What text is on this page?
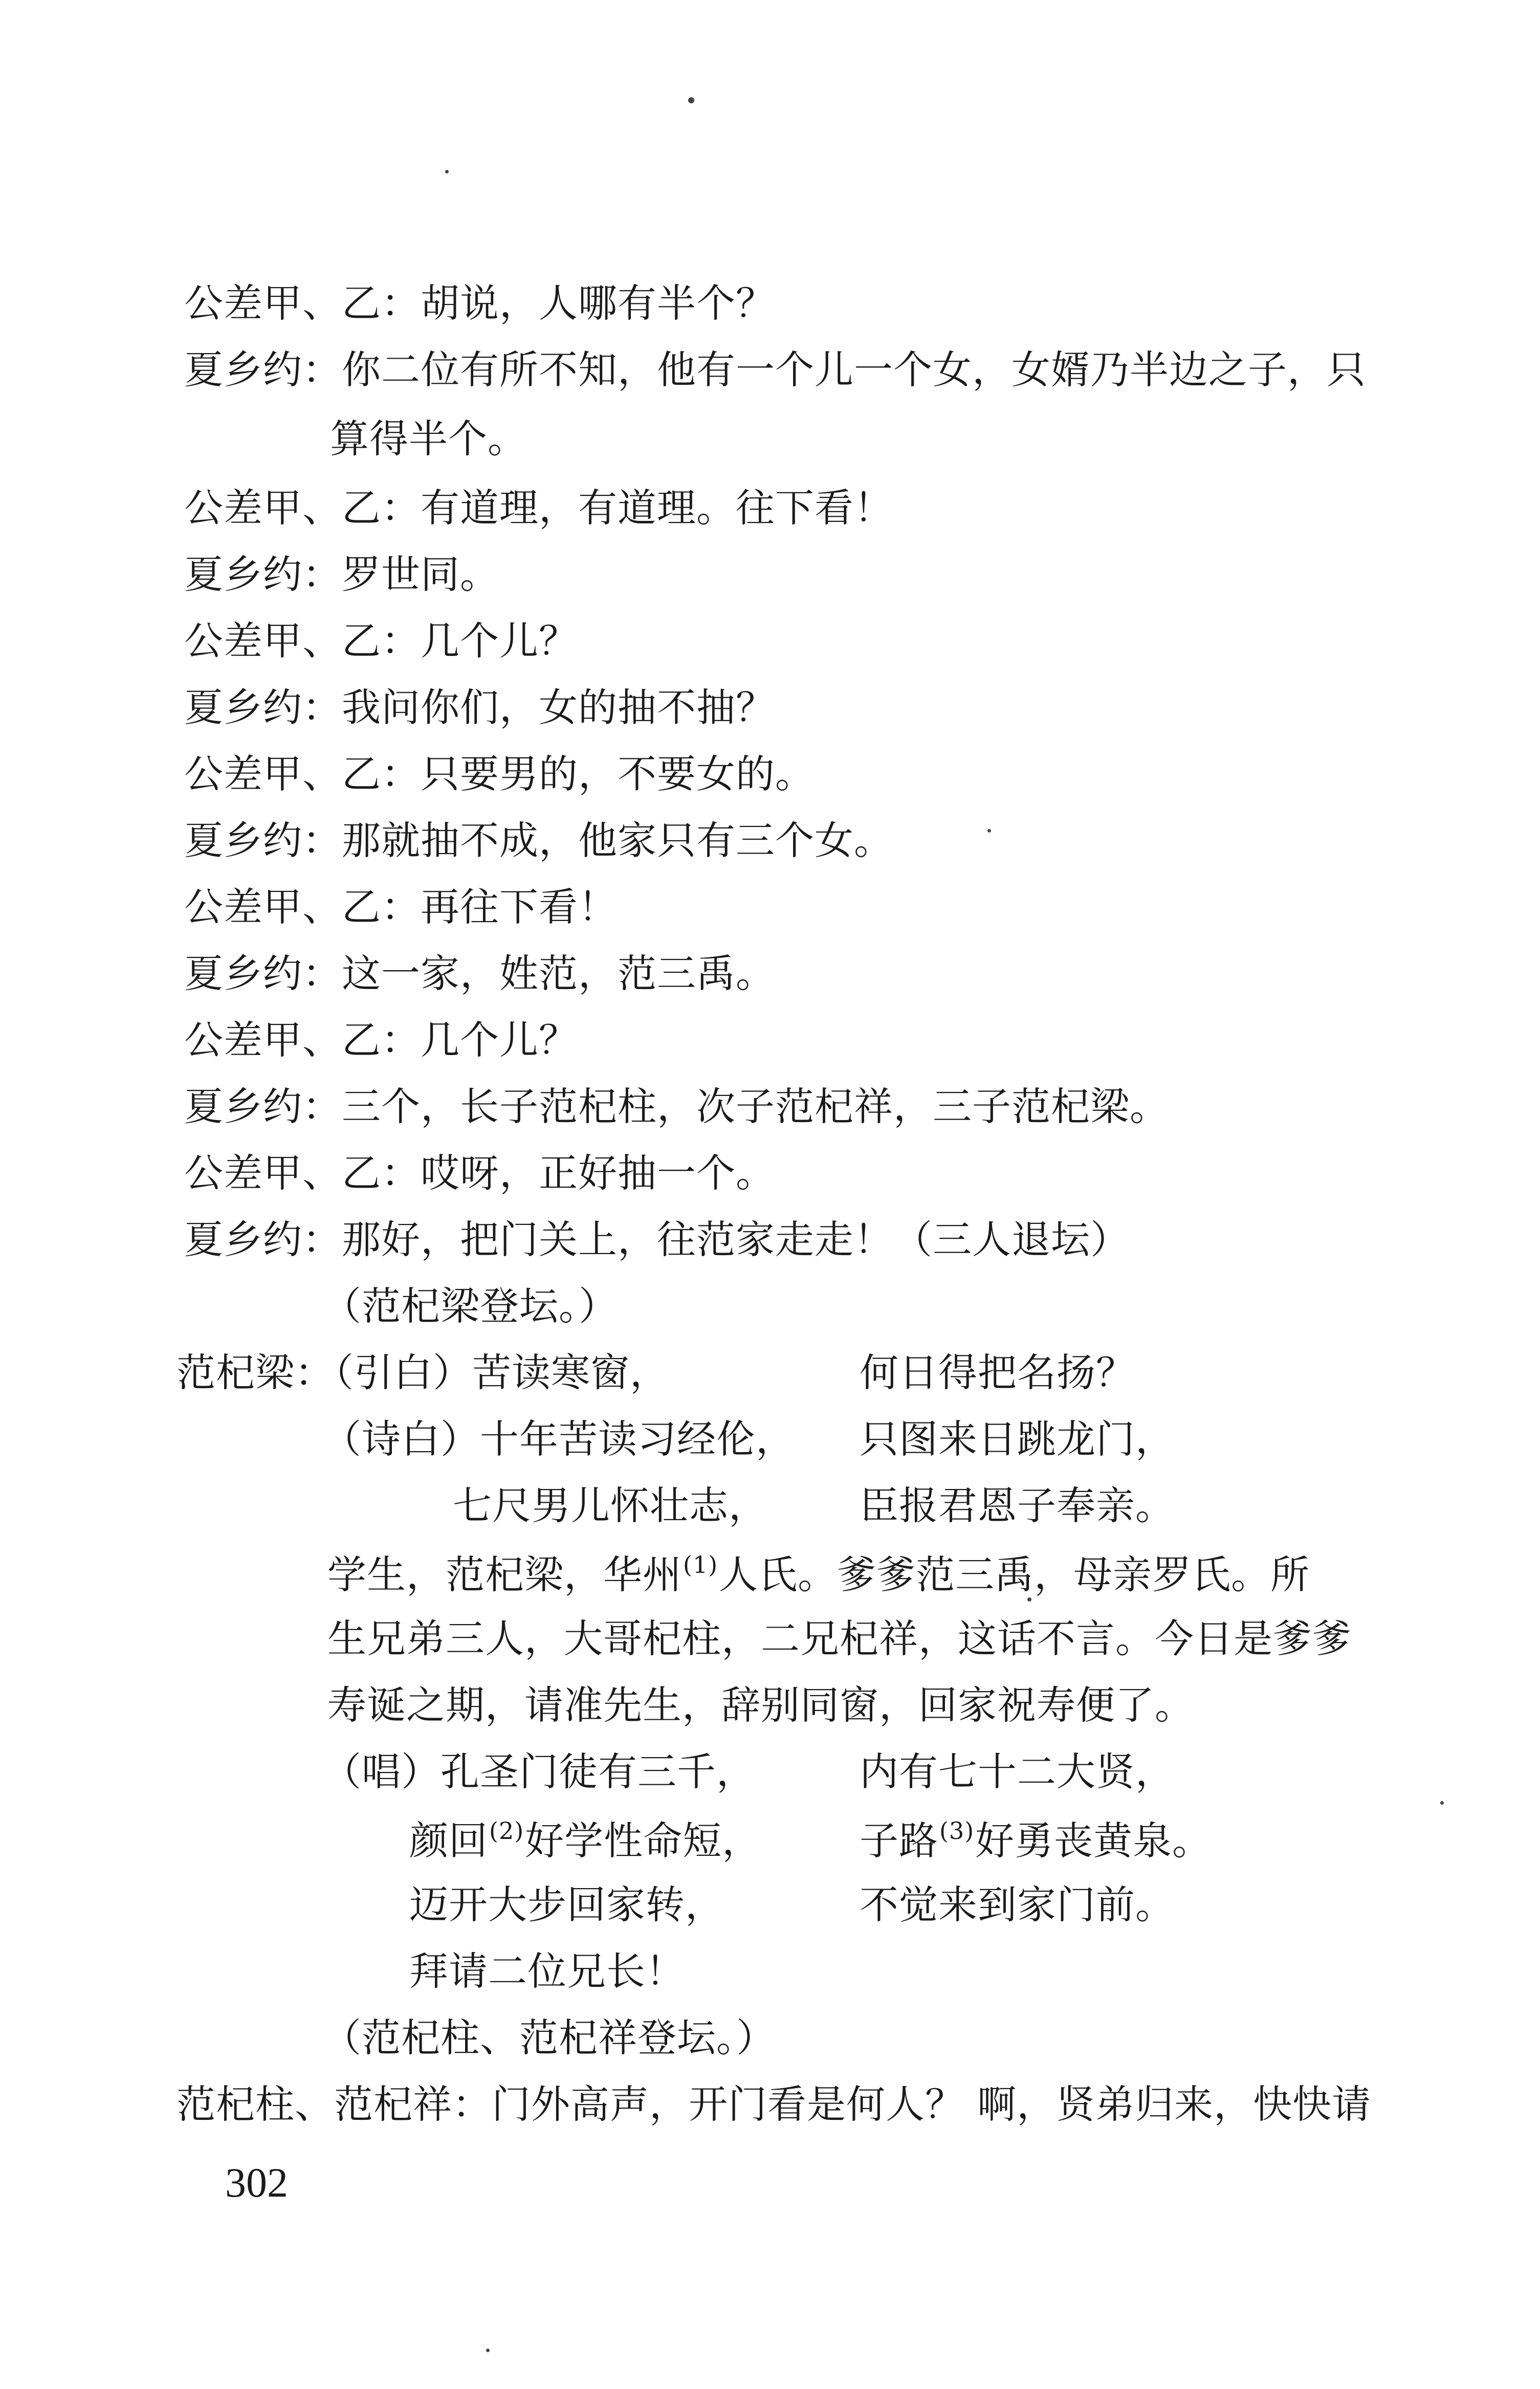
公差甲、乙：胡说，人哪有半个？
夏乡约：你二位有所不知，他有一个儿一个女，女婿乃半边之子，只
算得半个。
公差甲、乙：有道理，有道理。往下看！
夏乡约：罗世同。
公差甲、乙：几个儿？
夏乡约：我问你们，女的抽不抽？
公差甲、乙：只要男的，不要女的。
夏乡约：那就抽不成，他家只有三个女。
公差甲、乙：再往下看！
夏乡约：这一家，姓范，范三禹。
公差甲、乙：几个儿？
夏乡约：三个，长子范杞柱，次子范杞祥，三子范杞梁。
公差甲、乙：哎呀，正好抽一个。
夏乡约：那好，把门关上，往范家走走！（三人退坛）
（范杞梁登坛。）
范杞梁：（引白）苦读寒窗，	何日得把名扬？
（诗白）十年苦读习经伦， 只图来日跳龙门，
七尺男儿怀壮志， 臣报君恩子奉亲。
学生，范杞梁，华州$^{(1)}$人氏。爹爹范三禹，母亲罗氏。所
生兄弟三人，大哥杞柱，二兄杞祥，这话不言。今日是爹爹
寿诞之期，请准先生，辞别同窗，回家祝寿便了。
（唱）孔圣门徒有三千，	内有七十二大贤，
颜回$^{(2)}$好学性命短，	子路$^{(3)}$好勇丧黄泉。
迈开大步回家转，	不觉来到家门前。
拜请二位兄长！
（范杞柱、范杞祥登坛。）
范杞柱、范杞祥：门外高声，开门看是何人？ 啊，贤弟归来，快快请
302
